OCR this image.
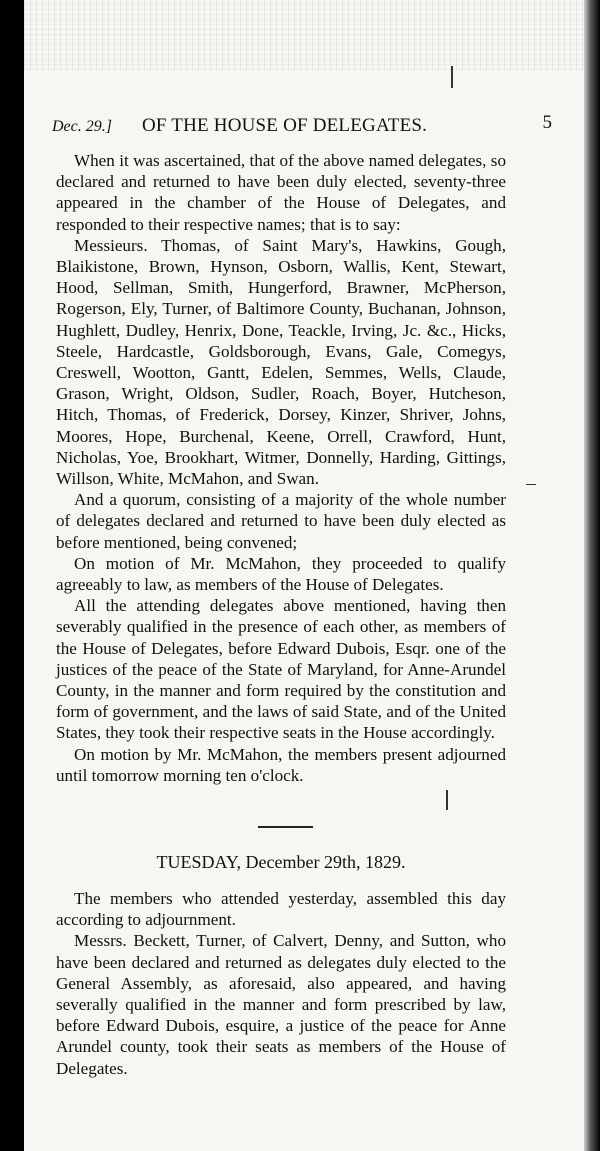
Dec. 29.] OF THE HOUSE OF DELEGATES.	5

When it was ascertained, that of the above named delegates, so declared and returned to have been duly elected, seventy-three appeared in the chamber of the House of Delegates, and responded to their respective names; that is to say:

Messieurs. Thomas, of Saint Mary's, Hawkins, Gough, Blaikistone, Brown, Hynson, Osborn, Wallis, Kent, Stewart, Hood, Sellman, Smith, Hungerford, Brawner, McPherson, Rogerson, Ely, Turner, of Baltimore County, Buchanan, Johnson, Hughlett, Dudley, Henrix, Done, Teackle, Irving, Jc. &c., Hicks, Steele, Hardcastle, Goldsborough, Evans, Gale, Comegys, Creswell, Wootton, Gantt, Edelen, Semmes, Wells, Claude, Grason, Wright, Oldson, Sudler, Roach, Boyer, Hutcheson, Hitch, Thomas, of Frederick, Dorsey, Kinzer, Shriver, Johns, Moores, Hope, Burchenal, Keene, Orrell, Crawford, Hunt, Nicholas, Yoe, Brookhart, Witmer, Donnelly, Harding, Gittings, Willson, White, McMahon, and Swan.

And a quorum, consisting of a majority of the whole number of delegates declared and returned to have been duly elected as before mentioned, being convened;

On motion of Mr. McMahon, they proceeded to qualify agreeably to law, as members of the House of Delegates.

All the attending delegates above mentioned, having then severably qualified in the presence of each other, as members of the House of Delegates, before Edward Dubois, Esqr. one of the justices of the peace of the State of Maryland, for Anne-Arundel County, in the manner and form required by the constitution and form of government, and the laws of said State, and of the United States, they took their respective seats in the House accordingly.

On motion by Mr. McMahon, the members present adjourned until tomorrow morning ten o'clock.

TUESDAY, December 29th, 1829.

The members who attended yesterday, assembled this day according to adjournment.

Messrs. Beckett, Turner, of Calvert, Denny, and Sutton, who have been declared and returned as delegates duly elected to the General Assembly, as aforesaid, also appeared, and having severally qualified in the manner and form prescribed by law, before Edward Dubois, esquire, a justice of the peace for Anne Arundel county, took their seats as members of the House of Delegates.
